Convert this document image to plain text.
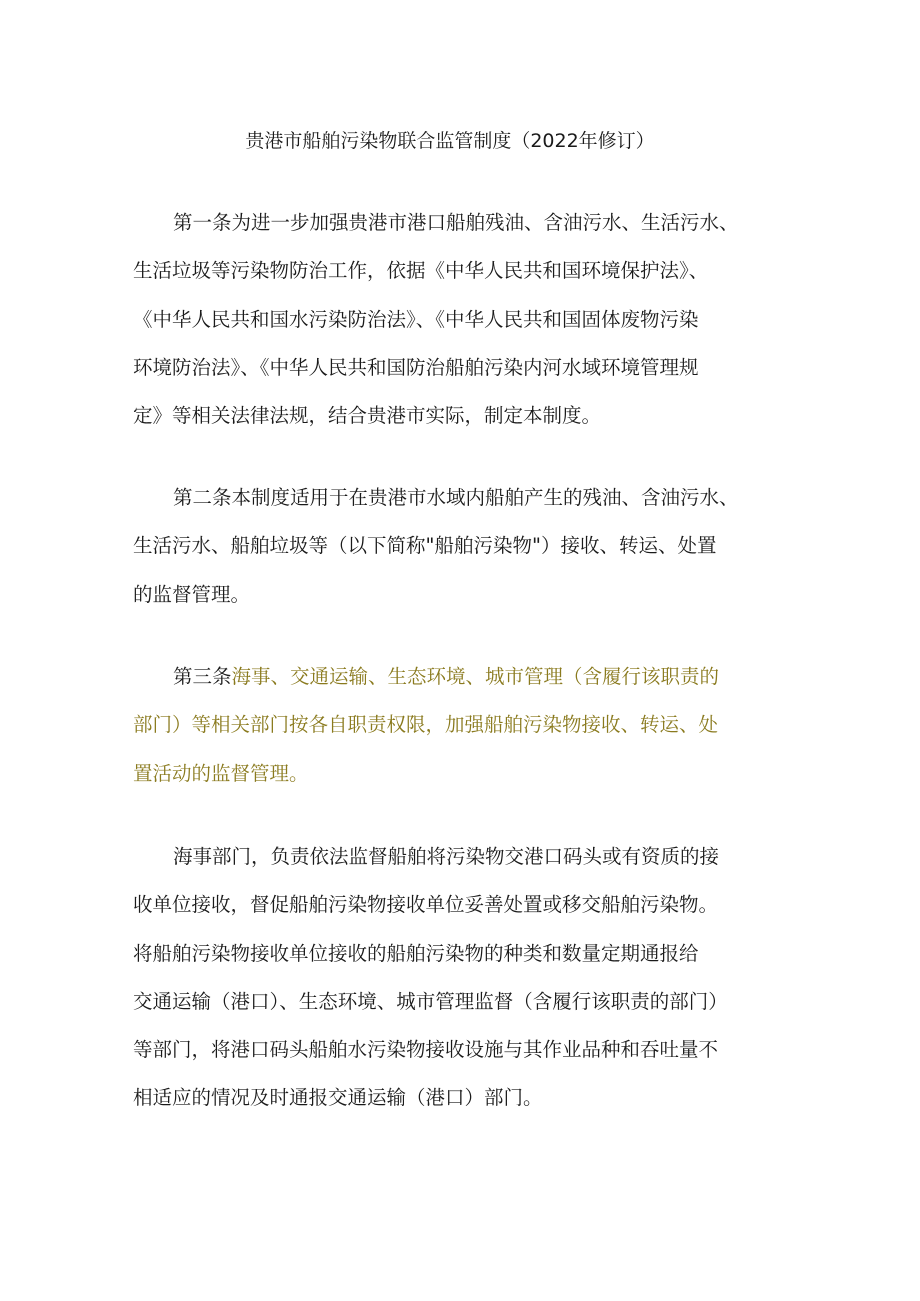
贵港市船舶污染物联合监管制度（2022年修订）

第一条为进一步加强贵港市港口船舶残油、含油污水、生活污水、
生活垃圾等污染物防治工作，依据《中华人民共和国环境保护法》、
《中华人民共和国水污染防治法》、《中华人民共和国固体废物污染
环境防治法》、《中华人民共和国防治船舶污染内河水域环境管理规
定》等相关法律法规，结合贵港市实际，制定本制度。

第二条本制度适用于在贵港市水域内船舶产生的残油、含油污水、
生活污水、船舶垃圾等（以下简称"船舶污染物"）接收、转运、处置
的监督管理。

第三条海事、交通运输、生态环境、城市管理（含履行该职责的
部门）等相关部门按各自职责权限，加强船舶污染物接收、转运、处
置活动的监督管理。

海事部门，负责依法监督船舶将污染物交港口码头或有资质的接
收单位接收，督促船舶污染物接收单位妥善处置或移交船舶污染物。
将船舶污染物接收单位接收的船舶污染物的种类和数量定期通报给
交通运输（港口）、生态环境、城市管理监督（含履行该职责的部门）
等部门，将港口码头船舶水污染物接收设施与其作业品种和吞吐量不
相适应的情况及时通报交通运输（港口）部门。
